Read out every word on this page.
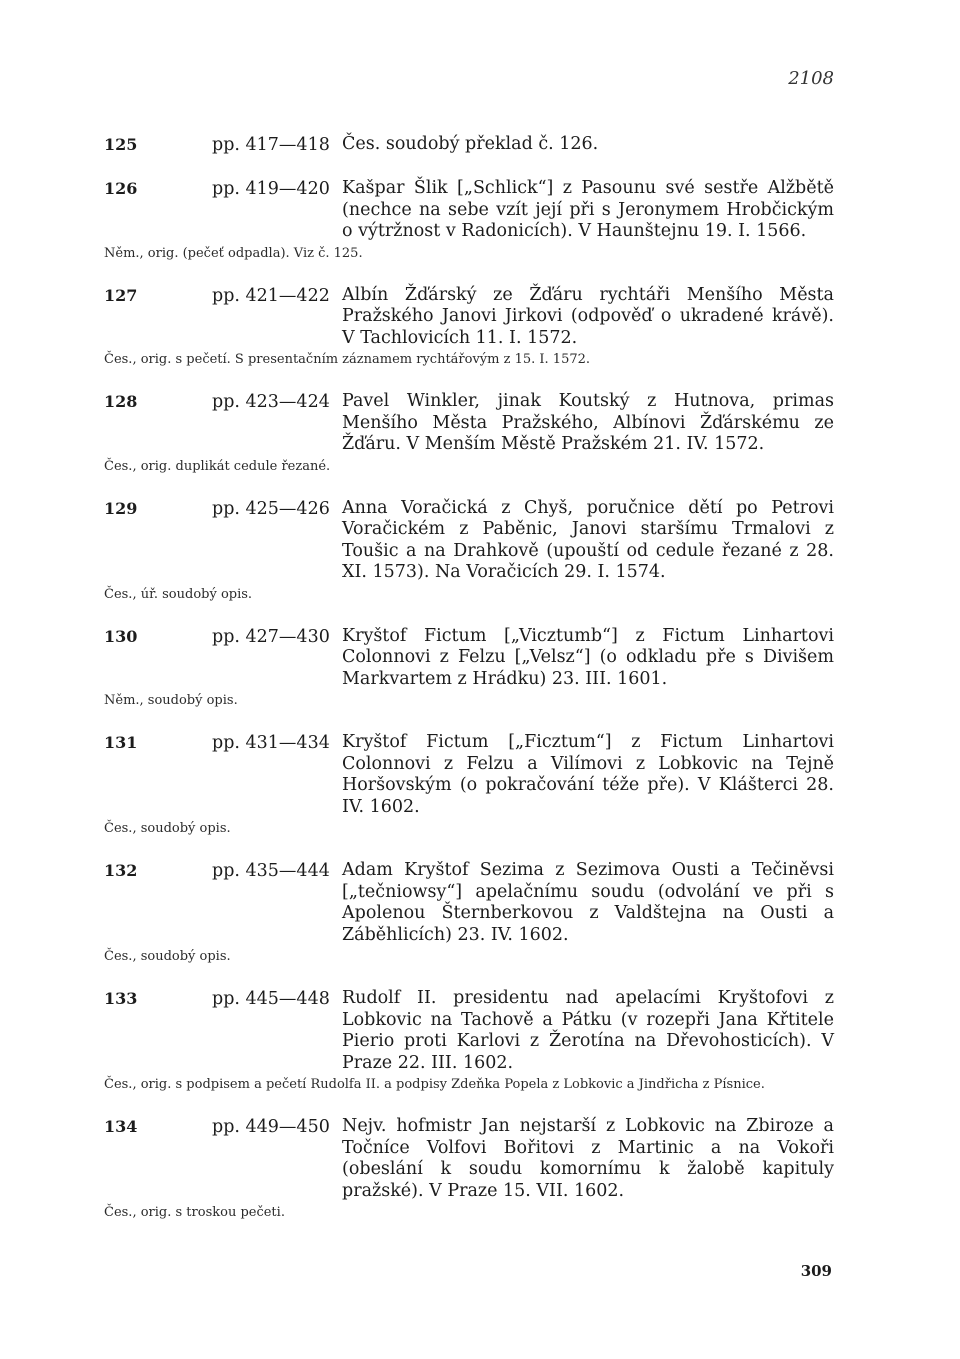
2108
125	pp. 417—418 Čes. soudobý překlad č. 126.
126	pp. 419—420 Kašpar Šlik [„Schlick“] z Pasounu své sestře Alžbětě (nechce na sebe vzít její při s Jeronymem Hrobčickým o výtržnost v Radonicích). V Haunštejnu 19. I. 1566.
Něm., orig. (pečeť odpadla). Viz č. 125.
127	pp. 421—422 Albín Žďárský ze Žďáru rychtáři Menšího Města Pražského Janovi Jirkovi (odpověď o ukradené krávě). V Tachlovicích 11. I. 1572.
Čes., orig. s pečetí. S presentačním záznamem rychtářovým z 15. I. 1572.
128	pp. 423—424 Pavel Winkler, jinak Koutský z Hutnova, primas Menšího Města Pražského, Albínovi Žďárskému ze Žďáru. V Menším Městě Pražském 21. IV. 1572.
Čes., orig. duplikát cedule řezané.
129	pp. 425—426 Anna Voračická z Chyš, poručnice dětí po Petrovi Voračickém z Paběnic, Janovi staršímu Trmalovi z Toušic a na Drahkově (upouští od cedule řezané z 28. XI. 1573). Na Voračicích 29. I. 1574.
Čes., úř. soudobý opis.
130	pp. 427—430 Kryštof Fictum [„Vicztumb“] z Fictum Linhartovi Colonnovi z Felzu [„Velsz“] (o odkladu pře s Divišem Markvartem z Hrádku) 23. III. 1601.
Něm., soudobý opis.
131	pp. 431—434 Kryštof Fictum [„Ficztum“] z Fictum Linhartovi Colonnovi z Felzu a Vilímovi z Lobkovic na Tejně Horšovským (o pokračování téže pře). V Klášterci 28. IV. 1602.
Čes., soudobý opis.
132	pp. 435—444 Adam Kryštof Sezima z Sezimova Ousti a Tečiněvsi [„tečniowsy“] apelačnímu soudu (odvolání ve při s Apolenou Šternberkovou z Valdštejna na Ousti a Záběhlicích) 23. IV. 1602.
Čes., soudobý opis.
133	pp. 445—448 Rudolf II. presidentu nad apelacími Kryštofovi z Lobkovic na Tachově a Pátku (v rozepři Jana Křtitele Pierio proti Karlovi z Žerotína na Dřevohosticích). V Praze 22. III. 1602.
Čes., orig. s podpisem a pečetí Rudolfa II. a podpisy Zdeňka Popela z Lobkovic a Jindřicha z Písnice.
134	pp. 449—450 Nejv. hofmistr Jan nejstarší z Lobkovic na Zbiroze a Točníce Volfovi Bořitovi z Martinic a na Vokoři (obeslání k soudu komornímu k žalobě kapituly pražské). V Praze 15. VII. 1602.
Čes., orig. s troskou pečeti.
309
